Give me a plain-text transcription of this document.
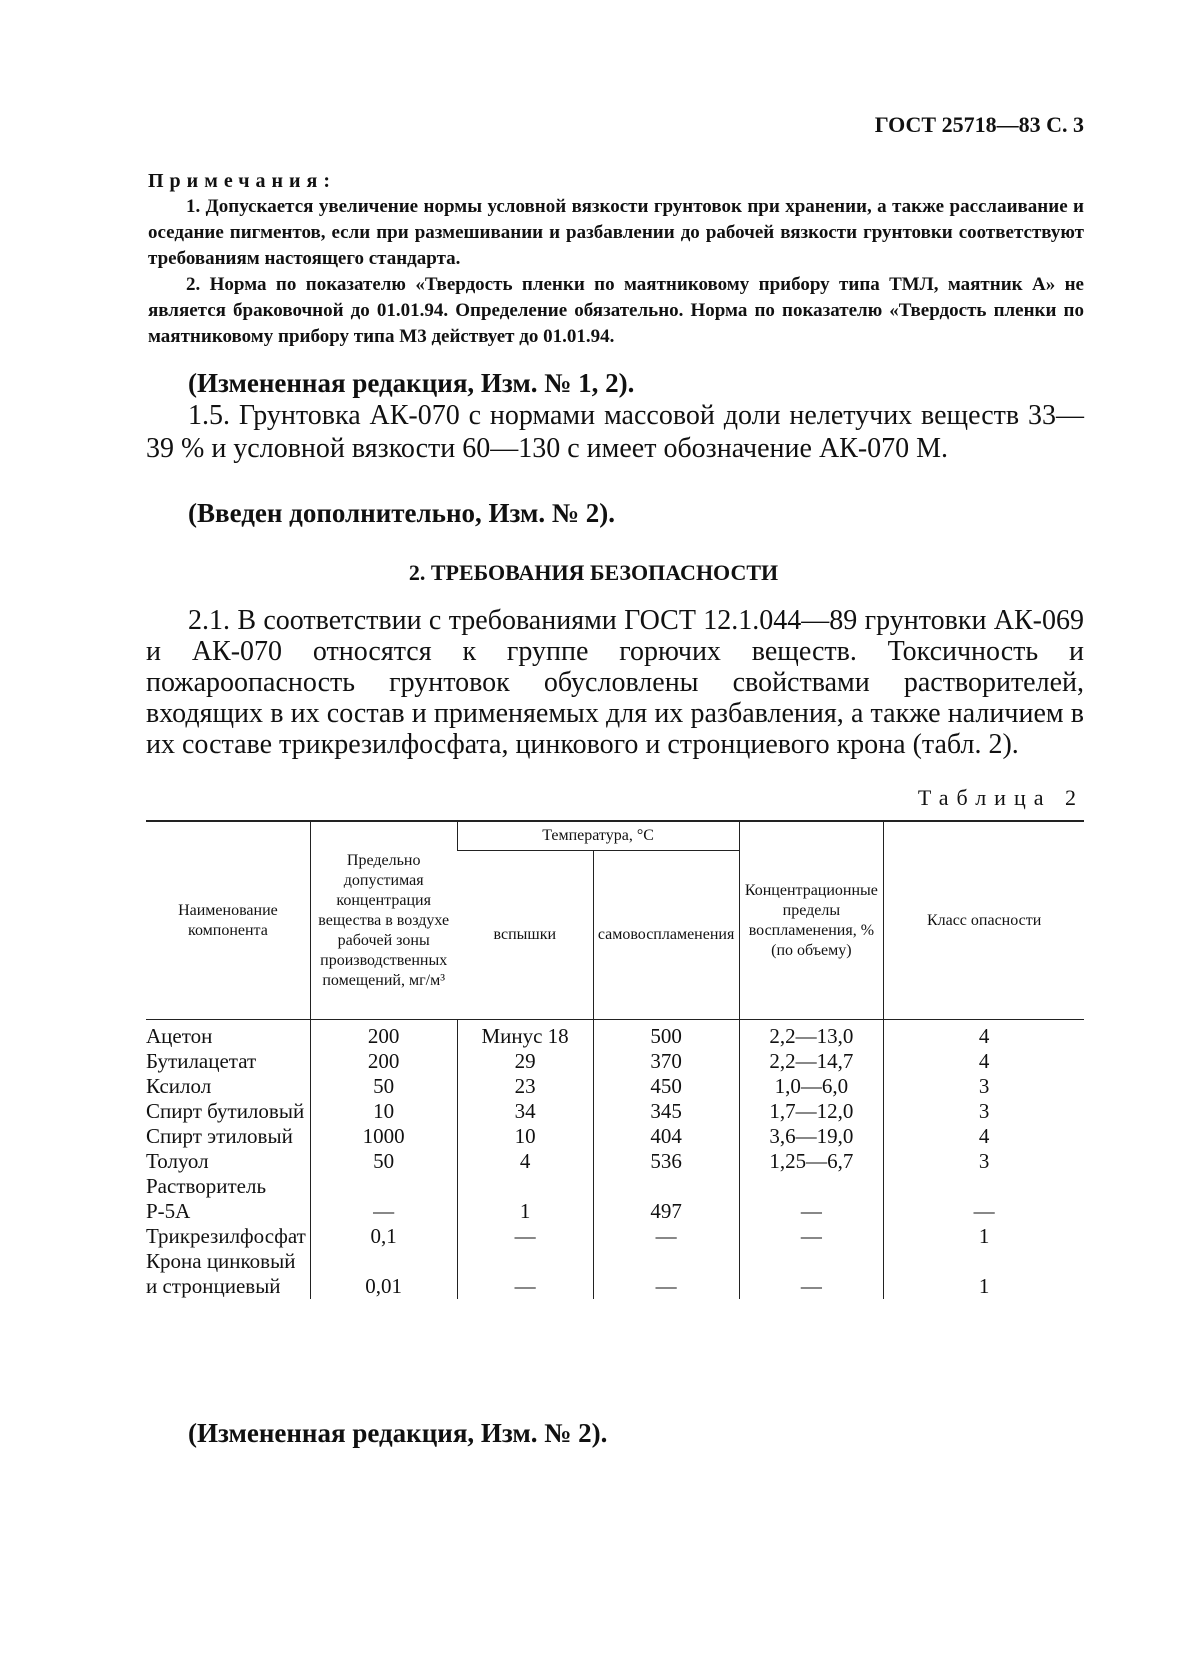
ГОСТ 25718—83 С. 3
Примечания:

1. Допускается увеличение нормы условной вязкости грунтовок при хранении, а также расслаивание и оседание пигментов, если при размешивании и разбавлении до рабочей вязкости грунтовки соответствуют требованиям настоящего стандарта.

2. Норма по показателю «Твердость пленки по маятниковому прибору типа ТМЛ, маятник А» не является браковочной до 01.01.94. Определение обязательно. Норма по показателю «Твердость пленки по маятниковому прибору типа М3 действует до 01.01.94.

(Измененная редакция, Изм. № 1, 2).

1.5. Грунтовка АК-070 с нормами массовой доли нелетучих веществ 33—39 % и условной вязкости 60—130 с имеет обозначение АК-070 М.

(Введен дополнительно, Изм. № 2).
2. ТРЕБОВАНИЯ БЕЗОПАСНОСТИ

2.1. В соответствии с требованиями ГОСТ 12.1.044—89 грунтовки АК-069 и АК-070 относятся к группе горючих веществ. Токсичность и пожароопасность грунтовок обусловлены свойствами растворителей, входящих в их состав и применяемых для их разбавления, а также наличием в их составе трикрезилфосфата, цинкового и стронциевого крона (табл. 2).

Таблица 2
Наименование компонента	Предельно допустимая концентрация вещества в воздухе рабочей зоны производственных помещений, мг/м³	Температура, °С		Концентрационные пределы воспламенения, % (по объему)	Класс опасности
		вспышки	самовоспламенения		
Ацетон	200	Минус 18	500	2,2—13,0	4
Бутилацетат	200	29	370	2,2—14,7	4
Ксилол	50	23	450	1,0—6,0	3
Спирт бутиловый	10	34	345	1,7—12,0	3
Спирт этиловый	1000	10	404	3,6—19,0	4
Толуол	50	4	536	1,25—6,7	3
Растворитель Р-5А	—	1	497	—	—
Трикрезилфосфат	0,1	—	—	—	1
Крона цинковый и стронциевый	0,01	—	—	—	1
(Измененная редакция, Изм. № 2).
